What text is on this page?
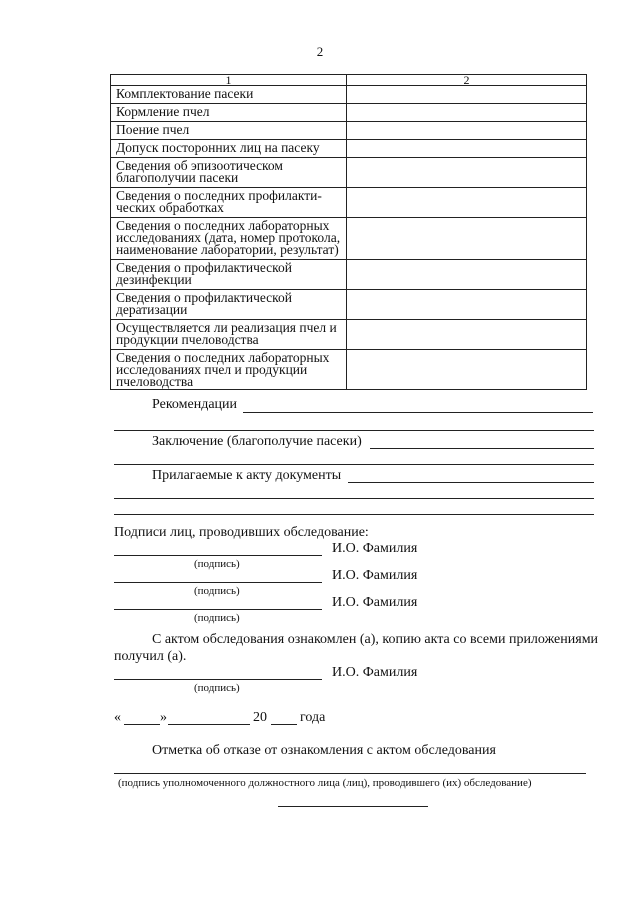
2
1	2
Комплектование пасеки	
Кормление пчел	
Поение пчел	
Допуск посторонних лиц на пасеку	
Сведения об эпизоотическом благополучии пасеки	
Сведения о последних профилакти-ческих обработках	
Сведения о последних лабораторных исследованиях (дата, номер протокола, наименование лаборатории, результат)	
Сведения о профилактической дезинфекции	
Сведения о профилактической дератизации	
Осуществляется ли реализация пчел и продукции пчеловодства	
Сведения о последних лабораторных исследованиях пчел и продукции пчеловодства	
Рекомендации
Заключение (благополучие пасеки)
Прилагаемые к акту документы
Подписи лиц, проводивших обследование:
И.О. Фамилия
(подпись)
И.О. Фамилия
(подпись)
И.О. Фамилия
(подпись)
С актом обследования ознакомлен (а), копию акта со всеми приложениями
получил (а).
И.О. Фамилия
(подпись)
«	»	20 года
Отметка об отказе от ознакомления с актом обследования
(подпись уполномоченного должностного лица (лиц), проводившего (их) обследование)
